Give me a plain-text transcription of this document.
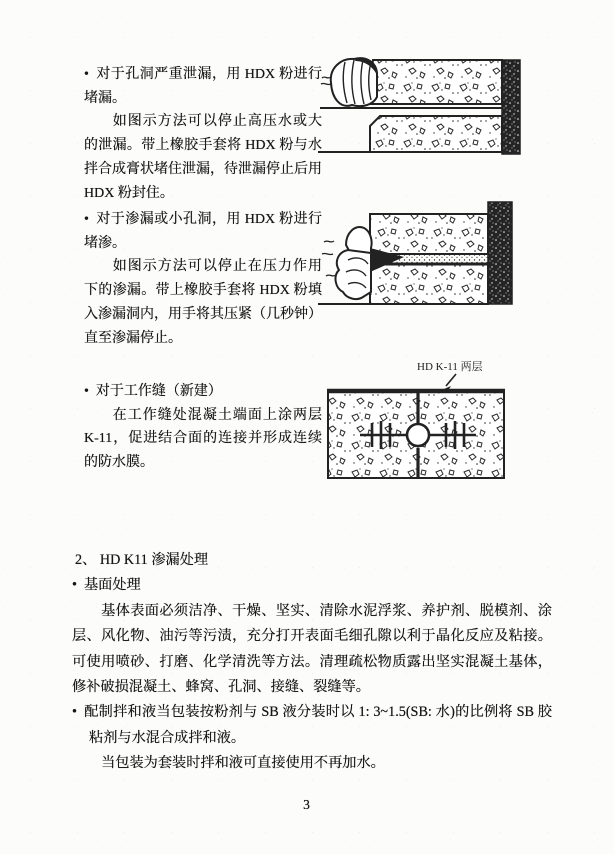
• 对于孔洞严重泄漏，用 HDX 粉进行堵漏。
如图示方法可以停止高压水或大的泄漏。带上橡胶手套将 HDX 粉与水拌合成膏状堵住泄漏，待泄漏停止后用 HDX 粉封住。
• 对于渗漏或小孔洞，用 HDX 粉进行堵渗。
如图示方法可以停止在压力作用下的渗漏。带上橡胶手套将 HDX 粉填入渗漏洞内，用手将其压紧（几秒钟）直至渗漏停止。
• 对于工作缝（新建）
在工作缝处混凝土端面上涂两层 K-11，促进结合面的连接并形成连续的防水膜。
HD K-11 两层
2、 HD K11 渗漏处理
• 基面处理
基体表面必须洁净、干燥、坚实、清除水泥浮浆、养护剂、脱模剂、涂层、风化物、油污等污渍，充分打开表面毛细孔隙以利于晶化反应及粘接。可使用喷砂、打磨、化学清洗等方法。清理疏松物质露出坚实混凝土基体，修补破损混凝土、蜂窝、孔洞、接缝、裂缝等。
• 配制拌和液当包装按粉剂与 SB 液分装时以 1: 3~1.5(SB: 水)的比例将 SB 胶粘剂与水混合成拌和液。
当包装为套装时拌和液可直接使用不再加水。
3
